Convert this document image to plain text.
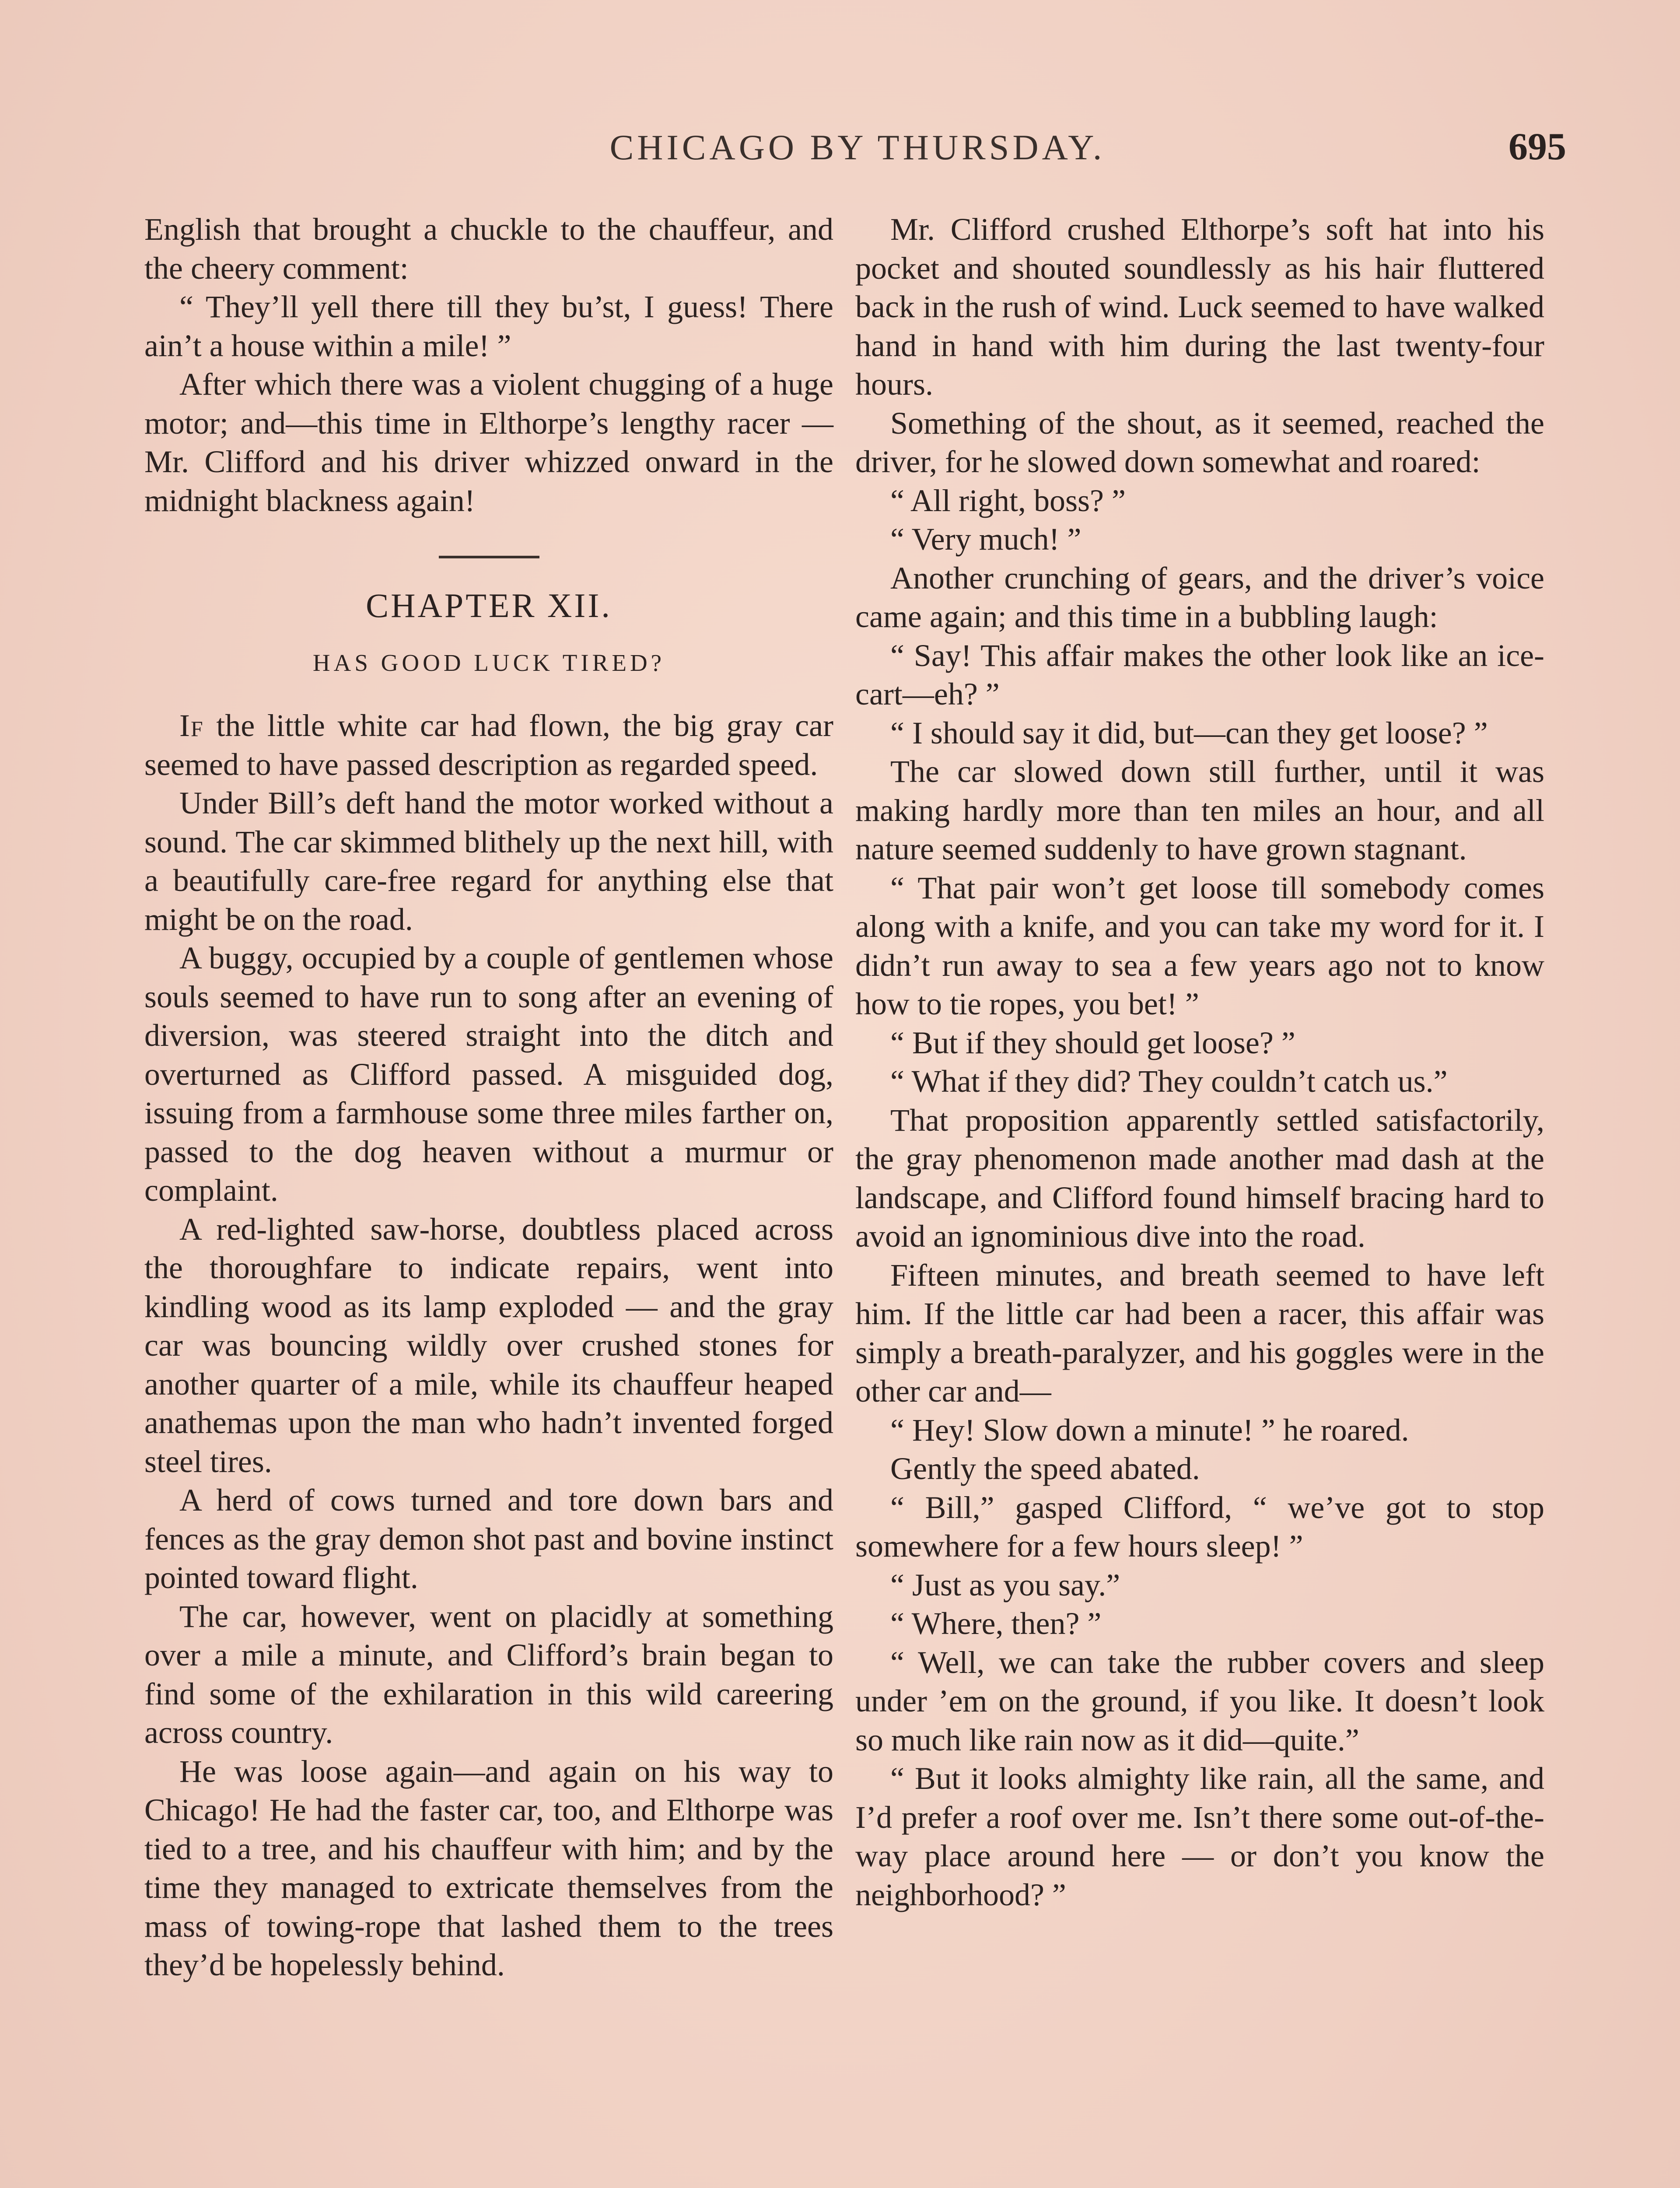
CHICAGO BY THURSDAY.	695

English that brought a chuckle to the chauffeur, and the cheery comment:

“ They’ll yell there till they bu’st, I guess! There ain’t a house within a mile! ”

After which there was a violent chugging of a huge motor; and—this time in Elthorpe’s lengthy racer — Mr. Clifford and his driver whizzed onward in the midnight blackness again!

CHAPTER XII.
HAS GOOD LUCK TIRED?

If the little white car had flown, the big gray car seemed to have passed description as regarded speed.

Under Bill’s deft hand the motor worked without a sound. The car skimmed blithely up the next hill, with a beautifully care-free regard for anything else that might be on the road.

A buggy, occupied by a couple of gentlemen whose souls seemed to have run to song after an evening of diversion, was steered straight into the ditch and overturned as Clifford passed. A misguided dog, issuing from a farmhouse some three miles farther on, passed to the dog heaven without a murmur or complaint.

A red-lighted saw-horse, doubtless placed across the thoroughfare to indicate repairs, went into kindling wood as its lamp exploded — and the gray car was bouncing wildly over crushed stones for another quarter of a mile, while its chauffeur heaped anathemas upon the man who hadn’t invented forged steel tires.

A herd of cows turned and tore down bars and fences as the gray demon shot past and bovine instinct pointed toward flight.

The car, however, went on placidly at something over a mile a minute, and Clifford’s brain began to find some of the exhilaration in this wild careering across country.

He was loose again—and again on his way to Chicago! He had the faster car, too, and Elthorpe was tied to a tree, and his chauffeur with him; and by the time they managed to extricate themselves from the mass of towing-rope that lashed them to the trees they’d be hopelessly behind.

Mr. Clifford crushed Elthorpe’s soft hat into his pocket and shouted soundlessly as his hair fluttered back in the rush of wind. Luck seemed to have walked hand in hand with him during the last twenty-four hours.

Something of the shout, as it seemed, reached the driver, for he slowed down somewhat and roared:

“ All right, boss? ”

“ Very much! ”

Another crunching of gears, and the driver’s voice came again; and this time in a bubbling laugh:

“ Say! This affair makes the other look like an ice-cart—eh? ”

“ I should say it did, but—can they get loose? ”

The car slowed down still further, until it was making hardly more than ten miles an hour, and all nature seemed suddenly to have grown stagnant.

“ That pair won’t get loose till somebody comes along with a knife, and you can take my word for it. I didn’t run away to sea a few years ago not to know how to tie ropes, you bet! ”

“ But if they should get loose? ”

“ What if they did? They couldn’t catch us.”

That proposition apparently settled satisfactorily, the gray phenomenon made another mad dash at the landscape, and Clifford found himself bracing hard to avoid an ignominious dive into the road.

Fifteen minutes, and breath seemed to have left him. If the little car had been a racer, this affair was simply a breath-paralyzer, and his goggles were in the other car and—

“ Hey! Slow down a minute! ” he roared.

Gently the speed abated.

“ Bill,” gasped Clifford, “ we’ve got to stop somewhere for a few hours sleep! ”

“ Just as you say.”

“ Where, then? ”

“ Well, we can take the rubber covers and sleep under ’em on the ground, if you like. It doesn’t look so much like rain now as it did—quite.”

“ But it looks almighty like rain, all the same, and I’d prefer a roof over me. Isn’t there some out-of-the-way place around here — or don’t you know the neighborhood? ”
